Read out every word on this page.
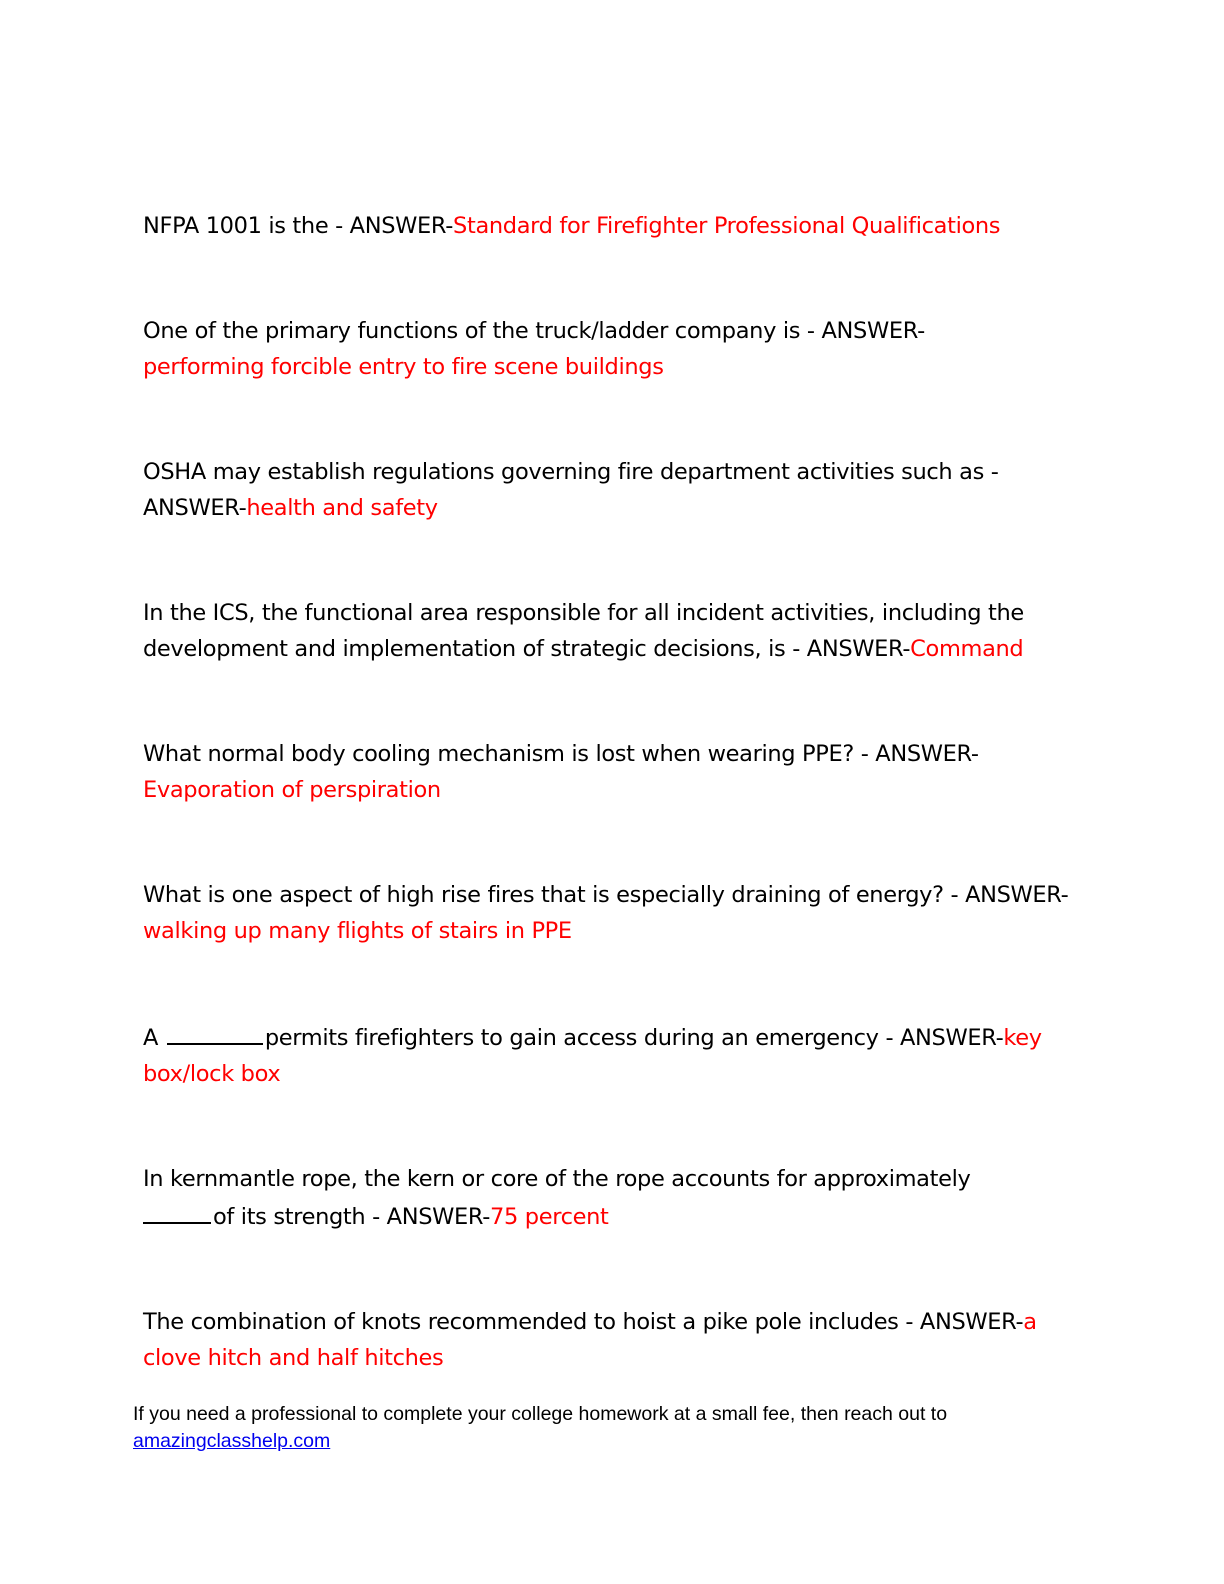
NFPA 1001 is the - ANSWER-Standard for Firefighter Professional Qualifications

One of the primary functions of the truck/ladder company is - ANSWER-
performing forcible entry to fire scene buildings

OSHA may establish regulations governing fire department activities such as - ANSWER-health and safety

In the ICS, the functional area responsible for all incident activities, including the development and implementation of strategic decisions, is - ANSWER-Command

What normal body cooling mechanism is lost when wearing PPE? - ANSWER-
Evaporation of perspiration

What is one aspect of high rise fires that is especially draining of energy? - ANSWER-walking up many flights of stairs in PPE

A	permits firefighters to gain access during an emergency - ANSWER-key box/lock box

In kernmantle rope, the kern or core of the rope accounts for approximately
of its strength - ANSWER-75 percent

The combination of knots recommended to hoist a pike pole includes - ANSWER-a clove hitch and half hitches

If you need a professional to complete your college homework at a small fee, then reach out to
amazingclasshelp.com
